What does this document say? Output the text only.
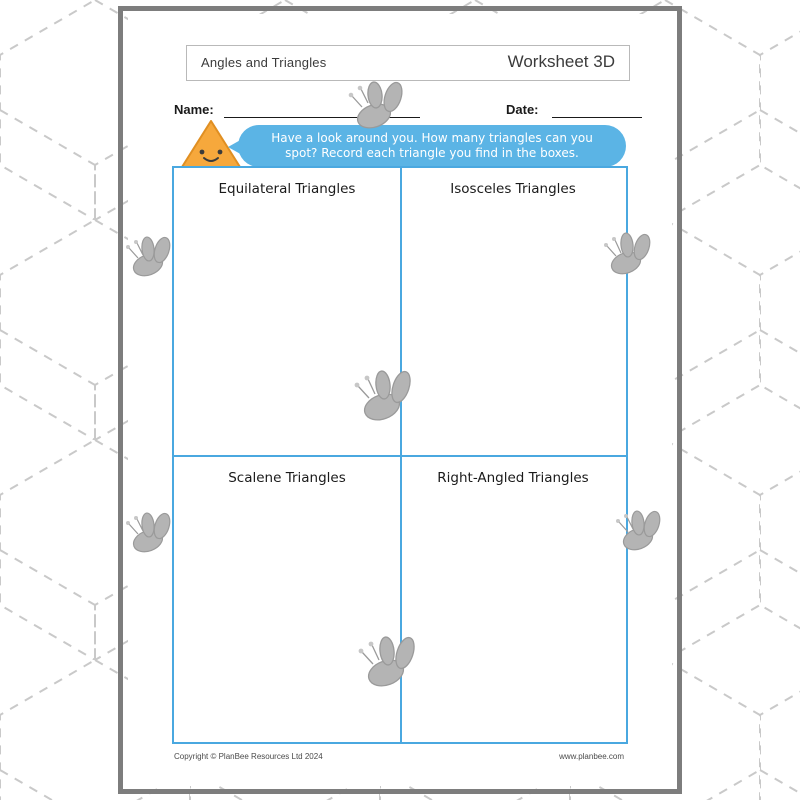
Angles and Triangles	Worksheet 3D
Name:	Date:
Have a look around you. How many triangles can you spot? Record each triangle you find in the boxes.
Equilateral Triangles	Isosceles Triangles
Scalene Triangles	Right-Angled Triangles
Copyright © PlanBee Resources Ltd 2024	www.planbee.com
